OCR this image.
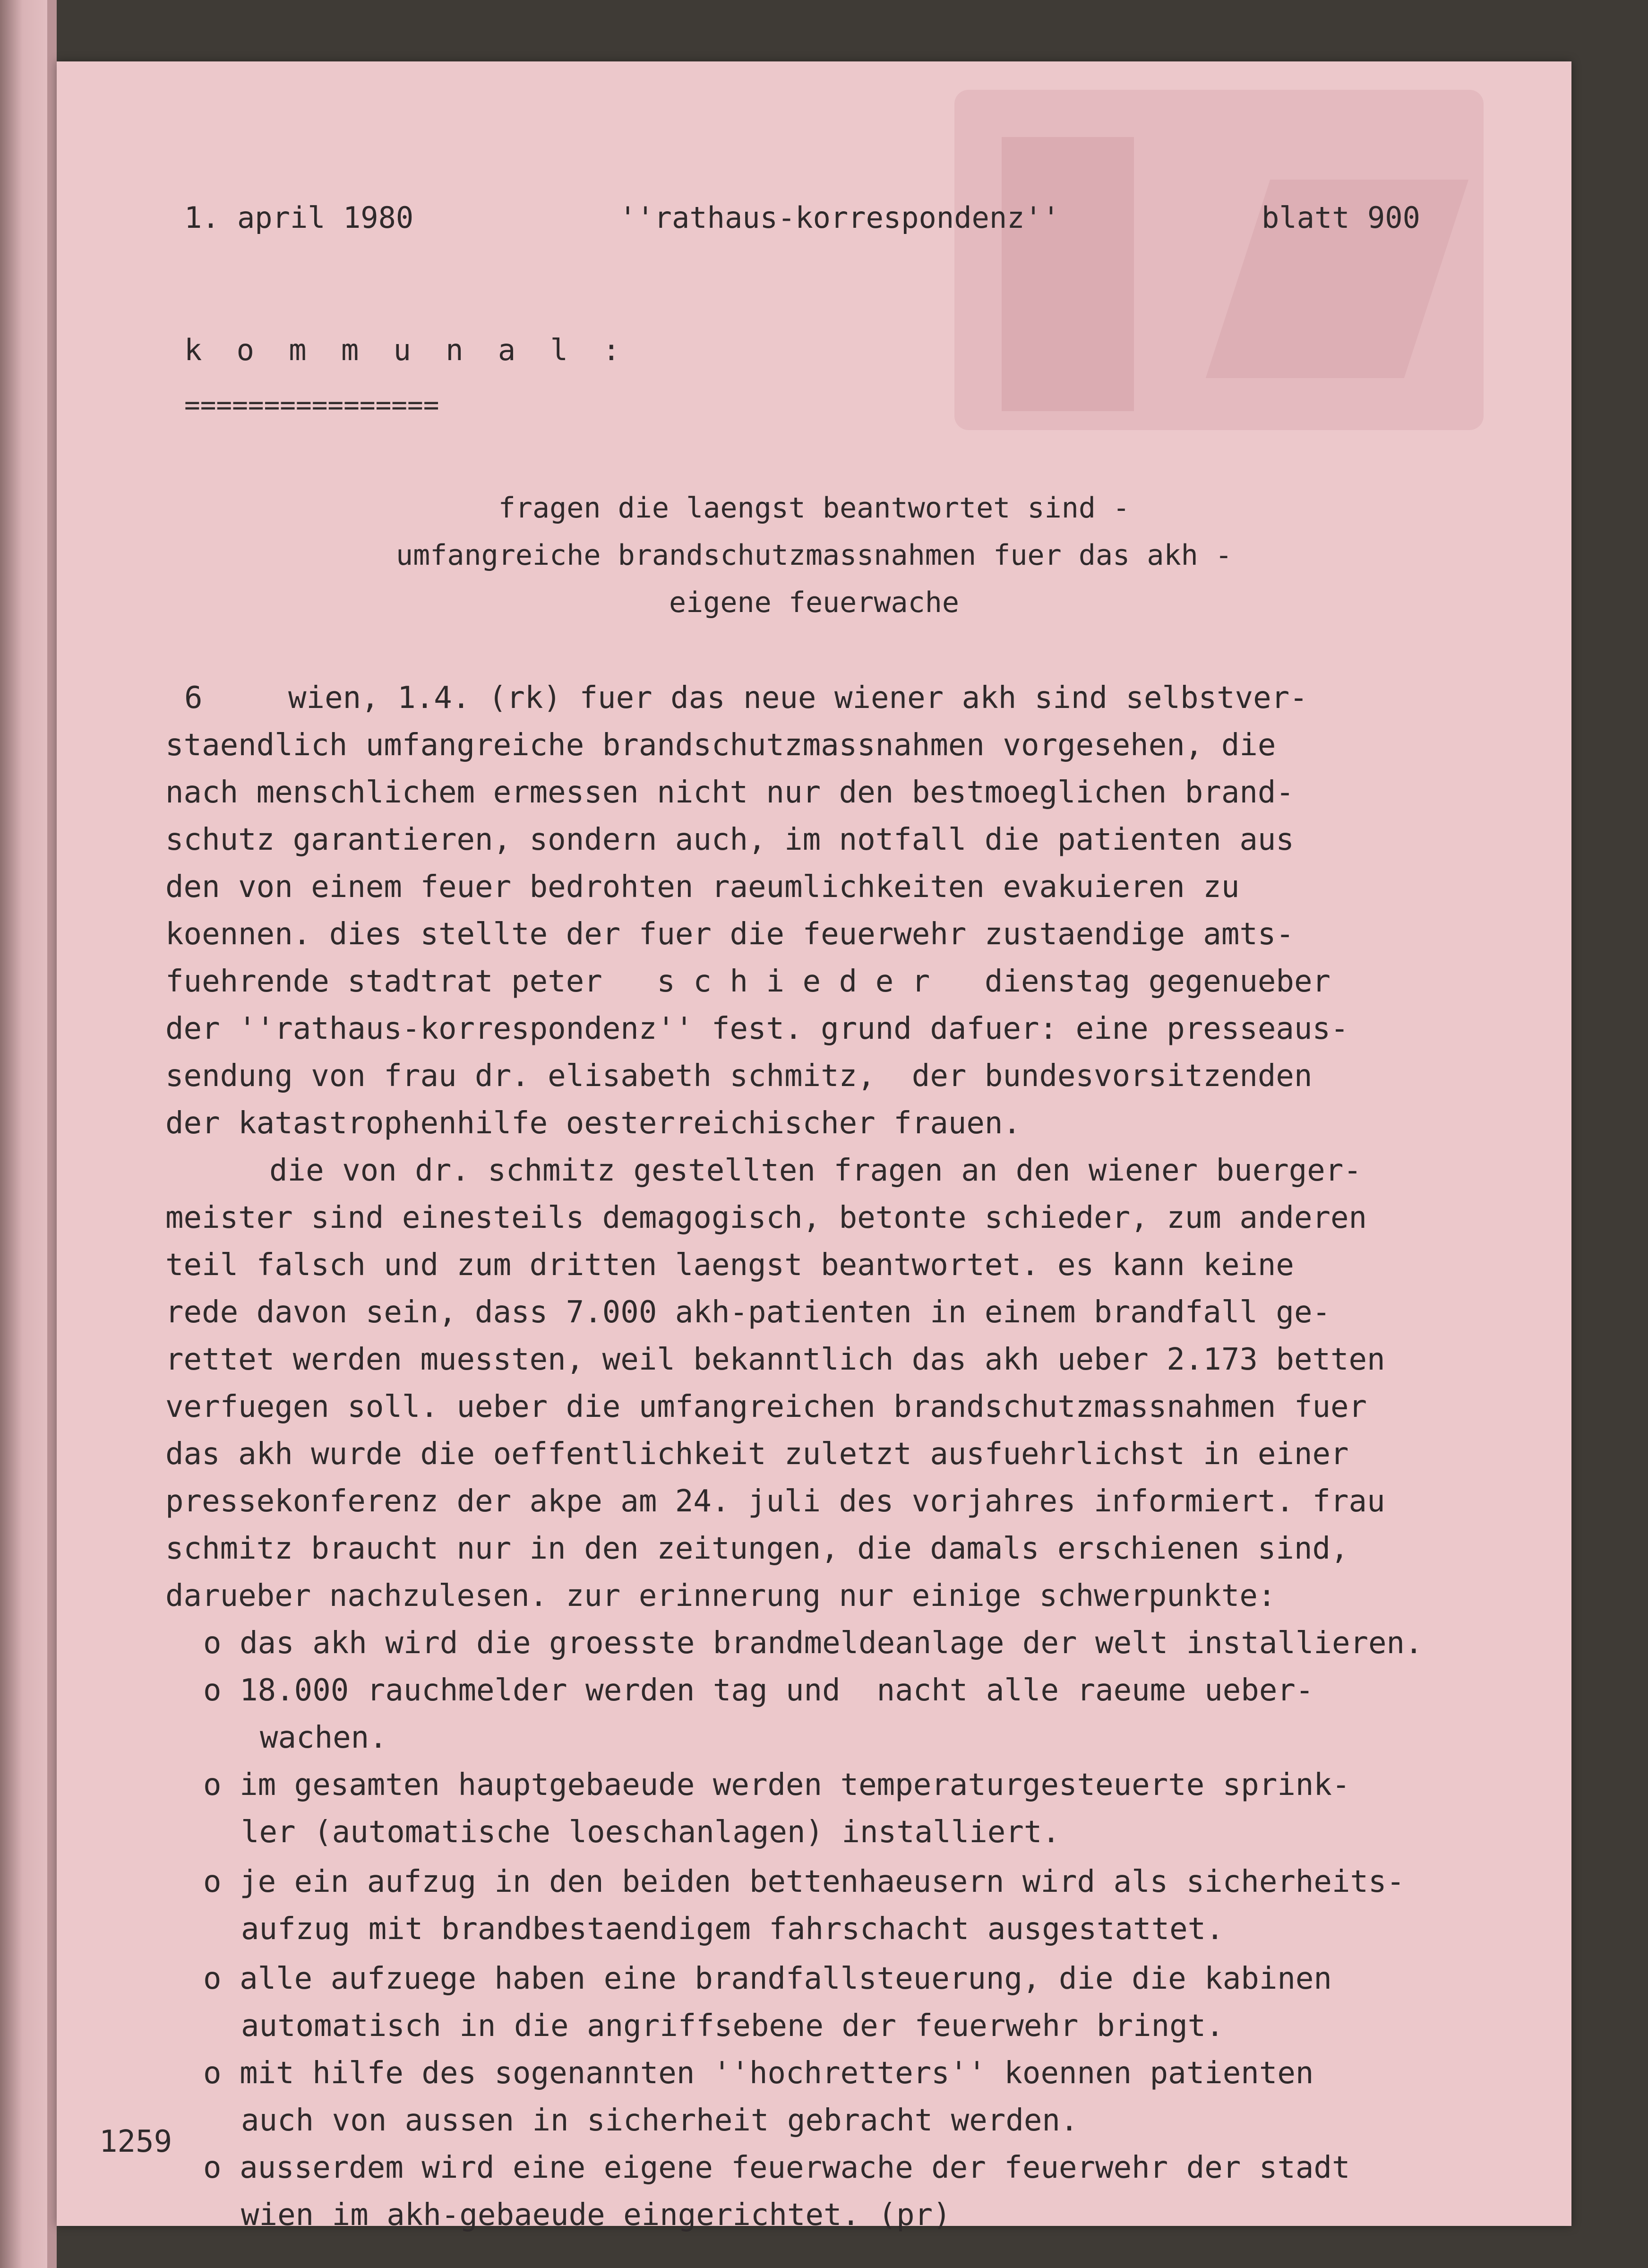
1. april 1980	''rathaus-korrespondenz''	blatt 900
k o m m u n a l :
================
fragen die laengst beantwortet sind -
umfangreiche brandschutzmassnahmen fuer das akh -
eigene feuerwache
6	wien, 1.4. (rk) fuer das neue wiener akh sind selbstver-
staendlich umfangreiche brandschutzmassnahmen vorgesehen, die
nach menschlichem ermessen nicht nur den bestmoeglichen brand-
schutz garantieren, sondern auch, im notfall die patienten aus
den von einem feuer bedrohten raeumlichkeiten evakuieren zu
koennen. dies stellte der fuer die feuerwehr zustaendige amts-
fuehrende stadtrat peter   s c h i e d e r   dienstag gegenueber
der ''rathaus-korrespondenz'' fest. grund dafuer: eine presseaus-
sendung von frau dr. elisabeth schmitz,  der bundesvorsitzenden
der katastrophenhilfe oesterreichischer frauen.
die von dr. schmitz gestellten fragen an den wiener buerger-
meister sind einesteils demagogisch, betonte schieder, zum anderen
teil falsch und zum dritten laengst beantwortet. es kann keine
rede davon sein, dass 7.000 akh-patienten in einem brandfall ge-
rettet werden muessten, weil bekanntlich das akh ueber 2.173 betten
verfuegen soll. ueber die umfangreichen brandschutzmassnahmen fuer
das akh wurde die oeffentlichkeit zuletzt ausfuehrlichst in einer
pressekonferenz der akpe am 24. juli des vorjahres informiert. frau
schmitz braucht nur in den zeitungen, die damals erschienen sind,
darueber nachzulesen. zur erinnerung nur einige schwerpunkte:
o das akh wird die groesste brandmeldeanlage der welt installieren.
o 18.000 rauchmelder werden tag und  nacht alle raeume ueber-
wachen.
o im gesamten hauptgebaeude werden temperaturgesteuerte sprink-
ler (automatische loeschanlagen) installiert.
o je ein aufzug in den beiden bettenhaeusern wird als sicherheits-
aufzug mit brandbestaendigem fahrschacht ausgestattet.
o alle aufzuege haben eine brandfallsteuerung, die die kabinen
automatisch in die angriffsebene der feuerwehr bringt.
o mit hilfe des sogenannten ''hochretters'' koennen patienten
auch von aussen in sicherheit gebracht werden.
o ausserdem wird eine eigene feuerwache der feuerwehr der stadt
wien im akh-gebaeude eingerichtet. (pr)
1259
